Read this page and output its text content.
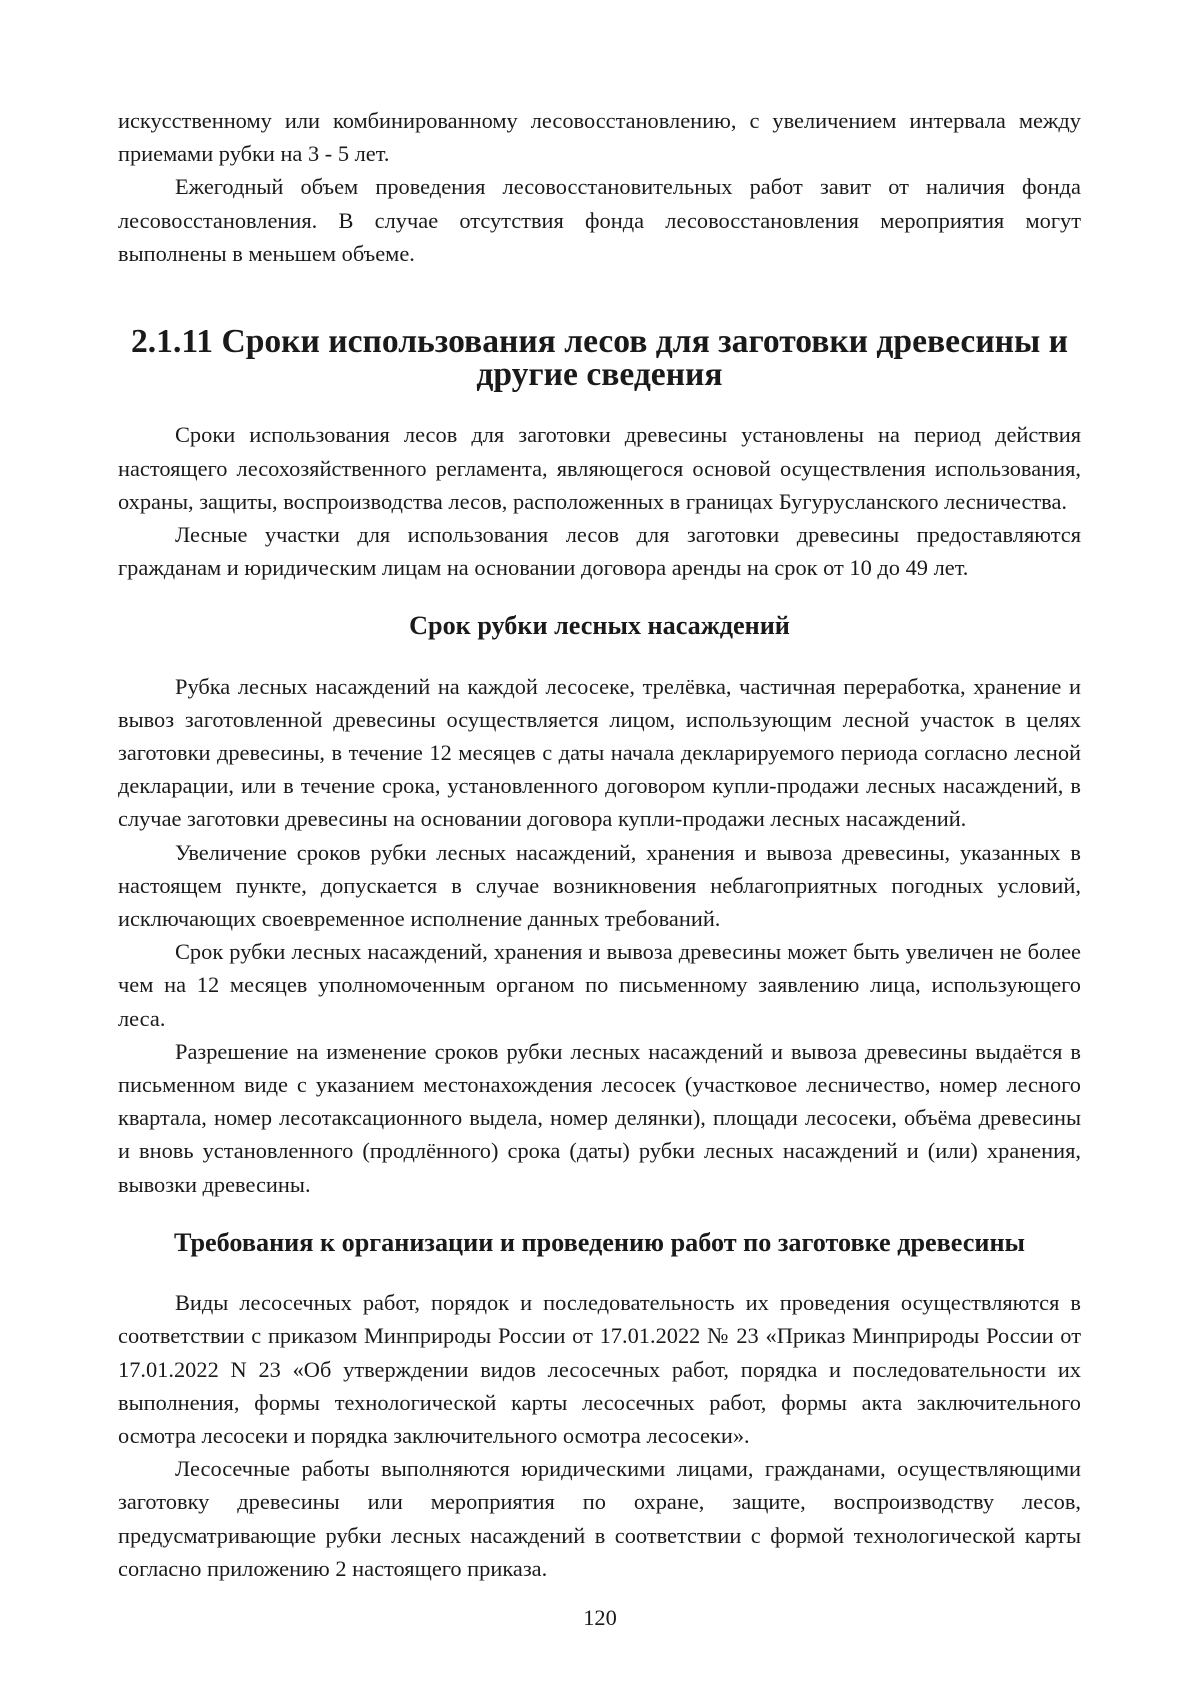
искусственному или комбинированному лесовосстановлению, с увеличением интервала между приемами рубки на 3 - 5 лет.

Ежегодный объем проведения лесовосстановительных работ завит от наличия фонда лесовосстановления. В случае отсутствия фонда лесовосстановления мероприятия могут выполнены в меньшем объеме.

2.1.11 Сроки использования лесов для заготовки древесины и другие сведения

Сроки использования лесов для заготовки древесины установлены на период действия настоящего лесохозяйственного регламента, являющегося основой осуществления использования, охраны, защиты, воспроизводства лесов, расположенных в границах Бугурусланского лесничества.

Лесные участки для использования лесов для заготовки древесины предоставляются гражданам и юридическим лицам на основании договора аренды на срок от 10 до 49 лет.

Срок рубки лесных насаждений

Рубка лесных насаждений на каждой лесосеке, трелёвка, частичная переработка, хранение и вывоз заготовленной древесины осуществляется лицом, использующим лесной участок в целях заготовки древесины, в течение 12 месяцев с даты начала декларируемого периода согласно лесной декларации, или в течение срока, установленного договором купли-продажи лесных насаждений, в случае заготовки древесины на основании договора купли-продажи лесных насаждений.

Увеличение сроков рубки лесных насаждений, хранения и вывоза древесины, указанных в настоящем пункте, допускается в случае возникновения неблагоприятных погодных условий, исключающих своевременное исполнение данных требований.

Срок рубки лесных насаждений, хранения и вывоза древесины может быть увеличен не более чем на 12 месяцев уполномоченным органом по письменному заявлению лица, использующего леса.

Разрешение на изменение сроков рубки лесных насаждений и вывоза древесины выдаётся в письменном виде с указанием местонахождения лесосек (участковое лесничество, номер лесного квартала, номер лесотаксационного выдела, номер делянки), площади лесосеки, объёма древесины и вновь установленного (продлённого) срока (даты) рубки лесных насаждений и (или) хранения, вывозки древесины.

Требования к организации и проведению работ по заготовке древесины

Виды лесосечных работ, порядок и последовательность их проведения осуществляются в соответствии с приказом Минприроды России от 17.01.2022 № 23 «Приказ Минприроды России от 17.01.2022 N 23 «Об утверждении видов лесосечных работ, порядка и последовательности их выполнения, формы технологической карты лесосечных работ, формы акта заключительного осмотра лесосеки и порядка заключительного осмотра лесосеки».

Лесосечные работы выполняются юридическими лицами, гражданами, осуществляющими заготовку древесины или мероприятия по охране, защите, воспроизводству лесов, предусматривающие рубки лесных насаждений в соответствии с формой технологической карты согласно приложению 2 настоящего приказа.

120
